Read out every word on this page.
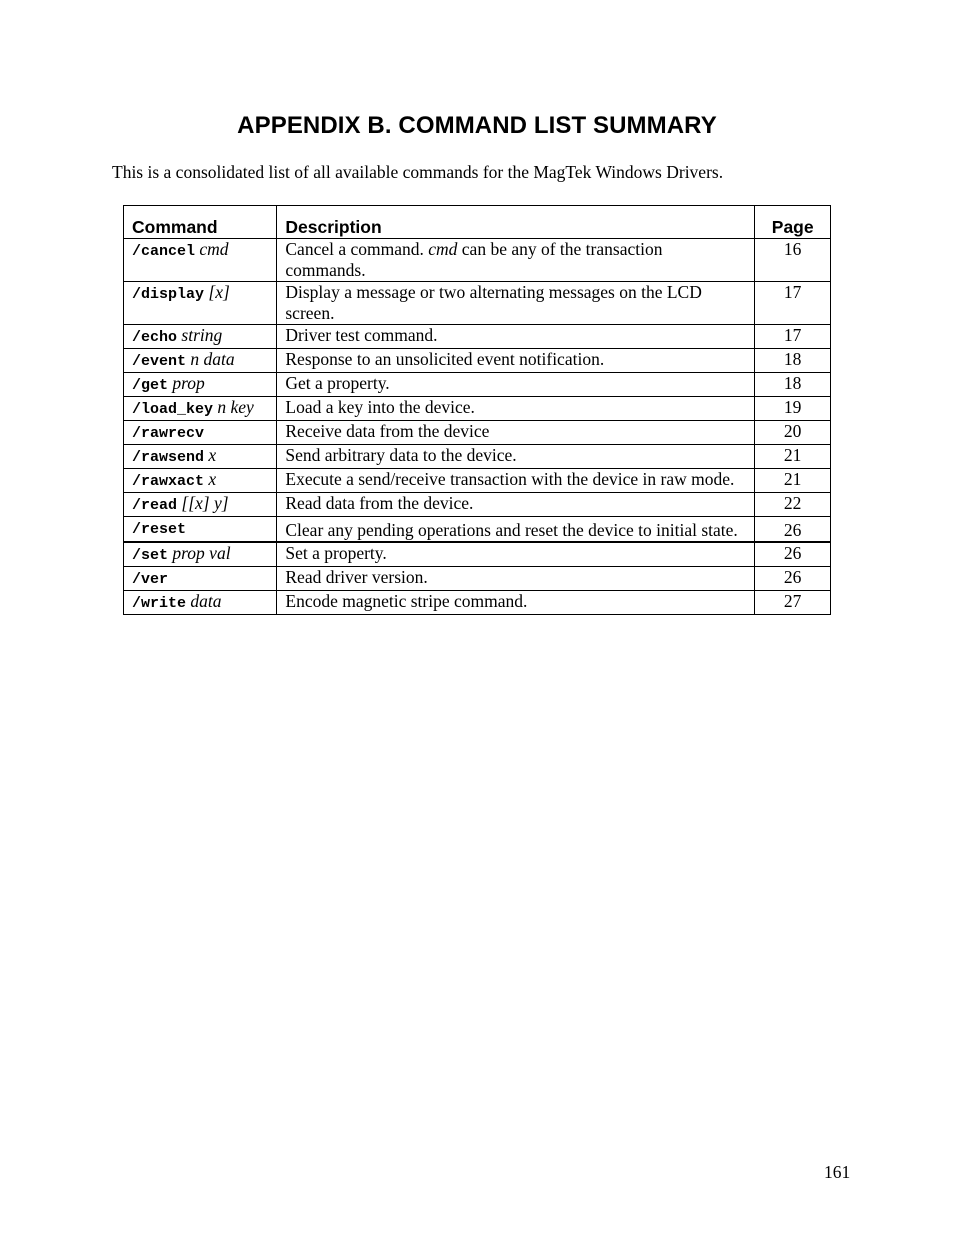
APPENDIX B. COMMAND LIST SUMMARY

This is a consolidated list of all available commands for the MagTek Windows Drivers.

Command	Description	Page
/cancel cmd	Cancel a command. cmd can be any of the transaction commands.	16
/display [x]	Display a message or two alternating messages on the LCD screen.	17
/echo string	Driver test command.	17
/event n data	Response to an unsolicited event notification.	18
/get prop	Get a property.	18
/load_key n key	Load a key into the device.	19
/rawrecv	Receive data from the device	20
/rawsend x	Send arbitrary data to the device.	21
/rawxact x	Execute a send/receive transaction with the device in raw mode.	21
/read [[x] y]	Read data from the device.	22
/reset	Clear any pending operations and reset the device to initial state.	26
/set prop val	Set a property.	26
/ver	Read driver version.	26
/write data	Encode magnetic stripe command.	27

161
